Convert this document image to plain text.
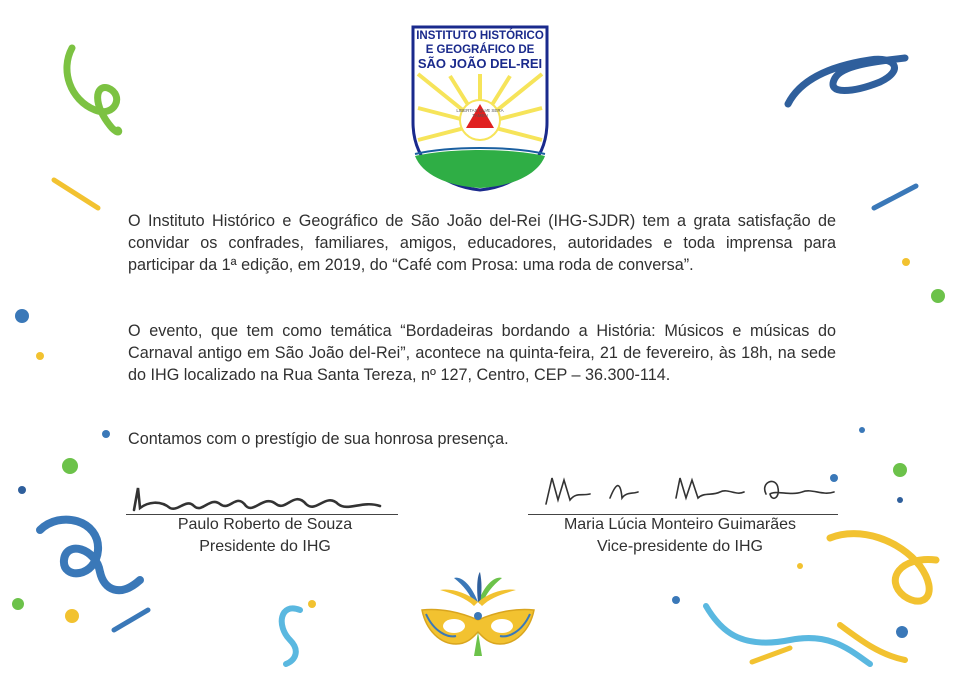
INSTITUTO HISTÓRICO
E GEOGRÁFICO DE
SÃO JOÃO DEL-REI
LIBERTAS QUÆ SERA TAMEN
O Instituto Histórico e Geográfico de São João del-Rei (IHG-SJDR) tem a grata satisfação de convidar os confrades, familiares, amigos, educadores, autoridades e toda imprensa para participar da 1ª edição, em 2019, do “Café com Prosa: uma roda de conversa”.
O evento, que tem como temática “Bordadeiras bordando a História: Músicos e músicas do Carnaval antigo em São João del-Rei”, acontece na quinta-feira, 21 de fevereiro, às 18h, na sede do IHG localizado na Rua Santa Tereza, nº 127, Centro, CEP – 36.300-114.
Contamos com o prestígio de sua honrosa presença.
Paulo Roberto de Souza
Presidente do IHG
Maria Lúcia Monteiro Guimarães
Vice-presidente do IHG
